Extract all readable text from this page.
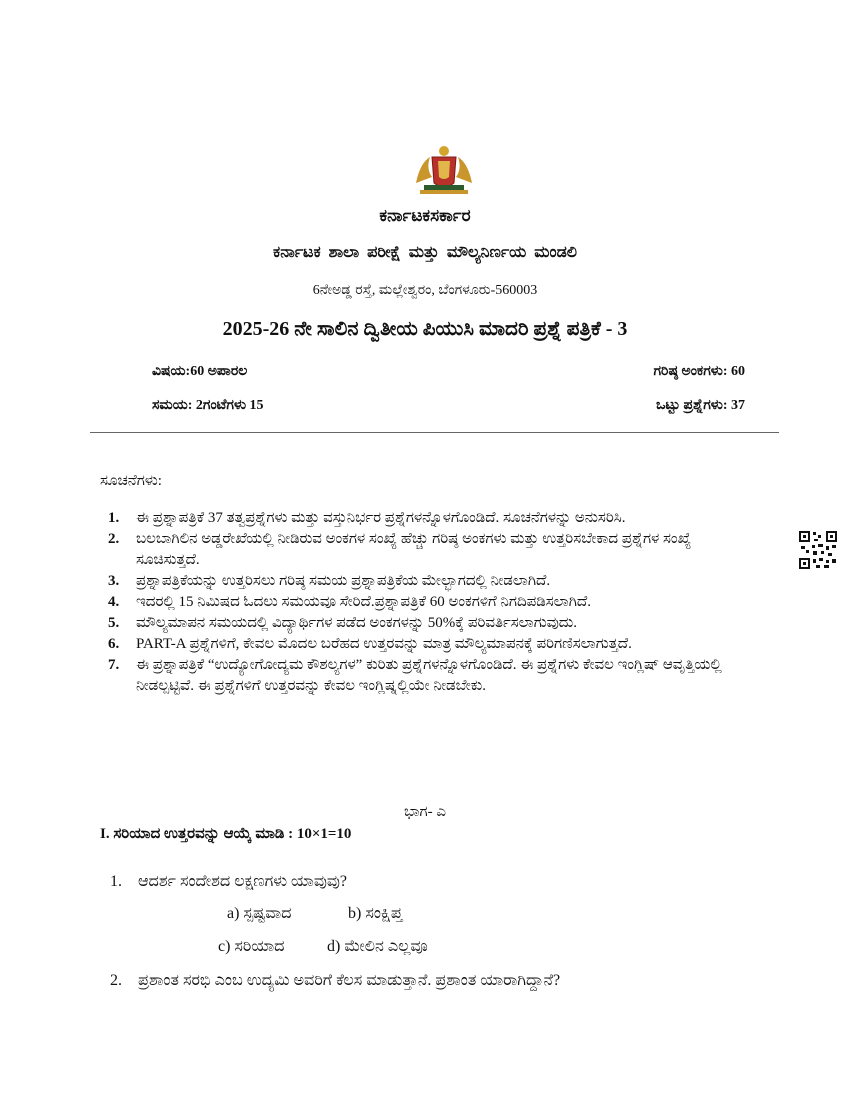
ಕರ್ನಾಟಕಸರ್ಕಾರ
ಕರ್ನಾಟಕ ಶಾಲಾ ಪರೀಕ್ಷೆ ಮತ್ತು ಮೌಲ್ಯನಿರ್ಣಯ ಮಂಡಲಿ
6ನೇಅಡ್ಡ ರಸ್ತೆ, ಮಲ್ಲೇಶ್ವರಂ, ಬೆಂಗಳೂರು-560003
2025-26 ನೇ ಸಾಲಿನ ದ್ವಿತೀಯ ಪಿಯುಸಿ ಮಾದರಿ ಪ್ರಶ್ನೆ ಪತ್ರಿಕೆ - 3
ವಿಷಯ:60 ಅಪಾರಲ	ಗರಿಷ್ಠ ಅಂಕಗಳು: 60
ಸಮಯ: 2ಗಂಟೆಗಳು 15	ಒಟ್ಟು ಪ್ರಶ್ನೆಗಳು: 37
ಸೂಚನೆಗಳು:
1.	ಈ ಪ್ರಶ್ನಾಪತ್ರಿಕೆ 37 ತತ್ವಪ್ರಶ್ನೆಗಳು ಮತ್ತು ವಸ್ತುನಿರ್ಭರ ಪ್ರಶ್ನೆಗಳನ್ನೊಳಗೊಂಡಿದೆ. ಸೂಚನೆಗಳನ್ನು ಅನುಸರಿಸಿ.
2.	ಬಲಬಾಗಿಲಿನ ಅಡ್ಡರೇಖೆಯಲ್ಲಿ ನೀಡಿರುವ ಅಂಕಗಳ ಸಂಖ್ಯೆ ಹೆಚ್ಚು ಗರಿಷ್ಠ ಅಂಕಗಳು ಮತ್ತು ಉತ್ತರಿಸಬೇಕಾದ ಪ್ರಶ್ನೆಗಳ ಸಂಖ್ಯೆ ಸೂಚಿಸುತ್ತದೆ.
3.	ಪ್ರಶ್ನಾಪತ್ರಿಕೆಯನ್ನು ಉತ್ತರಿಸಲು ಗರಿಷ್ಠ ಸಮಯ ಪ್ರಶ್ನಾಪತ್ರಿಕೆಯ ಮೇಲ್ಭಾಗದಲ್ಲಿ ನೀಡಲಾಗಿದೆ.
4.	ಇದರಲ್ಲಿ 15 ನಿಮಿಷದ ಓದಲು ಸಮಯವೂ ಸೇರಿದೆ.ಪ್ರಶ್ನಾಪತ್ರಿಕೆ 60 ಅಂಕಗಳಿಗೆ ನಿಗದಿಪಡಿಸಲಾಗಿದೆ.
5.	ಮೌಲ್ಯಮಾಪನ ಸಮಯದಲ್ಲಿ ವಿದ್ಯಾರ್ಥಿಗಳ ಪಡೆದ ಅಂಕಗಳನ್ನು 50%ಕ್ಕೆ ಪರಿವರ್ತಿಸಲಾಗುವುದು.
6.	PART-A ಪ್ರಶ್ನೆಗಳಿಗೆ, ಕೇವಲ ಮೊದಲ ಬರೆಹದ ಉತ್ತರವನ್ನು ಮಾತ್ರ ಮೌಲ್ಯಮಾಪನಕ್ಕೆ ಪರಿಗಣಿಸಲಾಗುತ್ತದೆ.
7.	ಈ ಪ್ರಶ್ನಾಪತ್ರಿಕೆ “ಉದ್ಯೋಗೋದ್ಯಮ ಕೌಶಲ್ಯಗಳ” ಕುರಿತು ಪ್ರಶ್ನೆಗಳನ್ನೊಳಗೊಂಡಿದೆ. ಈ ಪ್ರಶ್ನೆಗಳು ಕೇವಲ ಇಂಗ್ಲಿಷ್ ಆವೃತ್ತಿಯಲ್ಲಿ ನೀಡಲ್ಪಟ್ಟಿವೆ. ಈ ಪ್ರಶ್ನೆಗಳಿಗೆ ಉತ್ತರವನ್ನು ಕೇವಲ ಇಂಗ್ಲಿಷ್ನಲ್ಲಿಯೇ ನೀಡಬೇಕು.
ಭಾಗ- ಎ
I. ಸರಿಯಾದ ಉತ್ತರವನ್ನು ಆಯ್ಕೆ ಮಾಡಿ : 10×1=10
1.	ಆದರ್ಶ ಸಂದೇಶದ ಲಕ್ಷಣಗಳು ಯಾವುವು?
a) ಸ್ಪಷ್ಟವಾದ	b) ಸಂಕ್ಷಿಪ್ತ
c) ಸರಿಯಾದ	d) ಮೇಲಿನ ಎಲ್ಲವೂ
2.	ಪ್ರಶಾಂತ ಸರಭಿ ಎಂಬ ಉದ್ಯಮಿ ಅವರಿಗೆ ಕೆಲಸ ಮಾಡುತ್ತಾನೆ. ಪ್ರಶಾಂತ ಯಾರಾಗಿದ್ದಾನೆ?
